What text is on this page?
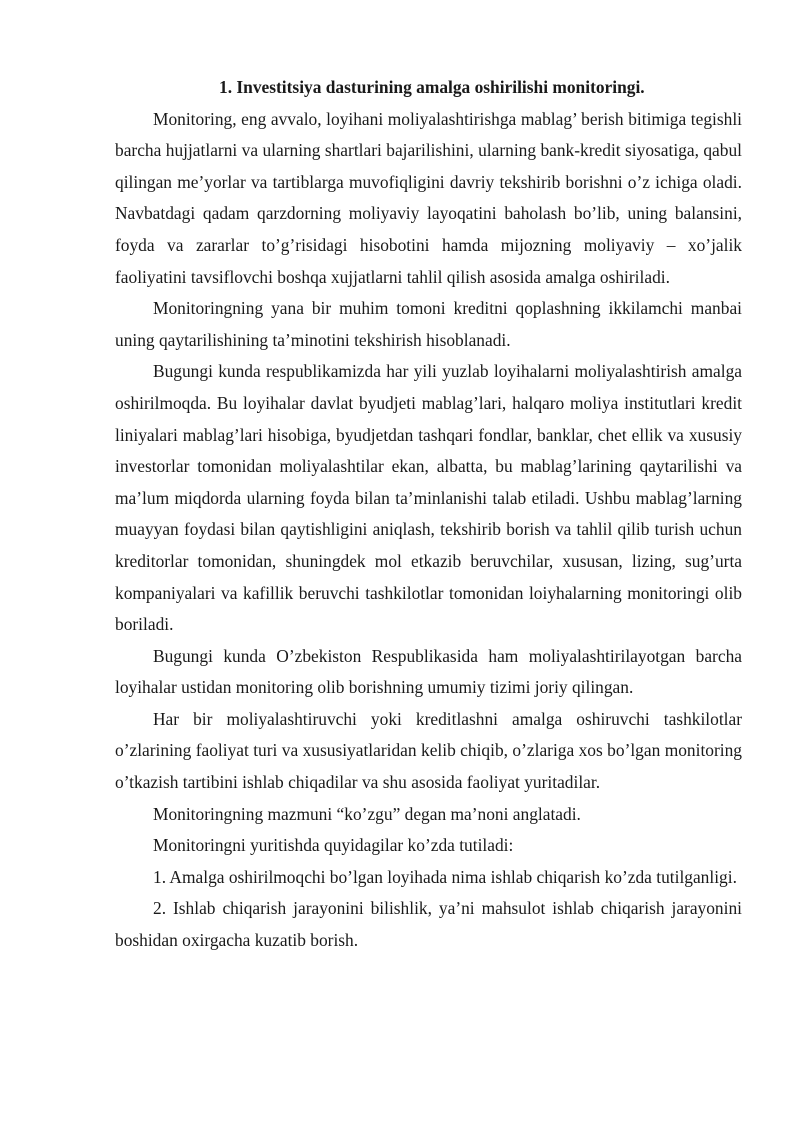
1. Investitsiya dasturining amalga oshirilishi monitoringi.

Monitoring, eng avvalo, loyihani moliyalashtirishga mablag’ berish bitimiga tegishli barcha hujjatlarni va ularning shartlari bajarilishini, ularning bank-kredit siyosatiga, qabul qilingan me’yorlar va tartiblarga muvofiqligini davriy tekshirib borishni o’z ichiga oladi. Navbatdagi qadam qarzdorning moliyaviy layoqatini baholash bo’lib, uning balansini, foyda va zararlar to’g’risidagi hisobotini hamda mijozning moliyaviy – xo’jalik faoliyatini tavsiflovchi boshqa xujjatlarni tahlil qilish asosida amalga oshiriladi.

Monitoringning yana bir muhim tomoni kreditni qoplashning ikkilamchi manbai uning qaytarilishining ta’minotini tekshirish hisoblanadi.

Bugungi kunda respublikamizda har yili yuzlab loyihalarni moliyalashtirish amalga oshirilmoqda. Bu loyihalar davlat byudjeti mablag’lari, halqaro moliya institutlari kredit liniyalari mablag’lari hisobiga, byudjetdan tashqari fondlar, banklar, chet ellik va xususiy investorlar tomonidan moliyalashtilar ekan, albatta, bu mablag’larining qaytarilishi va ma’lum miqdorda ularning foyda bilan ta’minlanishi talab etiladi. Ushbu mablag’larning muayyan foydasi bilan qaytishligini aniqlash, tekshirib borish va tahlil qilib turish uchun kreditorlar tomonidan, shuningdek mol etkazib beruvchilar, xususan, lizing, sug’urta kompaniyalari va kafillik beruvchi tashkilotlar tomonidan loiyhalarning monitoringi olib boriladi.

Bugungi kunda O’zbekiston Respublikasida ham moliyalashtirilayotgan barcha loyihalar ustidan monitoring olib borishning umumiy tizimi joriy qilingan.

Har bir moliyalashtiruvchi yoki kreditlashni amalga oshiruvchi tashkilotlar o’zlarining faoliyat turi va xususiyatlaridan kelib chiqib, o’zlariga xos bo’lgan monitoring o’tkazish tartibini ishlab chiqadilar va shu asosida faoliyat yuritadilar.

Monitoringning mazmuni “ko’zgu” degan ma’noni anglatadi.

Monitoringni yuritishda quyidagilar ko’zda tutiladi:

1. Amalga oshirilmoqchi bo’lgan loyihada nima ishlab chiqarish ko’zda tutilganligi.

2. Ishlab chiqarish jarayonini bilishlik, ya’ni mahsulot ishlab chiqarish jarayonini boshidan oxirgacha kuzatib borish.
